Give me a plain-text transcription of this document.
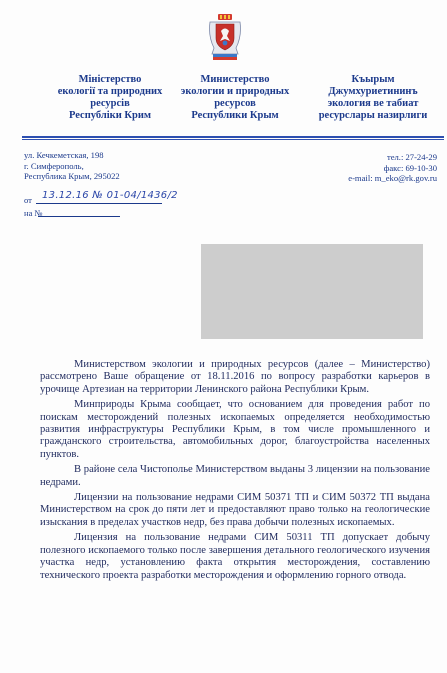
Міністерство
екології та природних
ресурсів
Республіки Крим
Министерство
экологии и природных
ресурсов
Республики Крым
Къырым
Джумхуриетининъ
экология ве табиат
ресурслары назирлиги
ул. Кечкеметская, 198
г. Симферополь,
Республика Крым, 295022
тел.: 27-24-29
факс: 69-10-30
e-mail: m_eko@rk.gov.ru
от 13.12.16 № 01-04/1436/2
на №

Министерством экологии и природных ресурсов (далее – Министерство) рассмотрено Ваше обращение от 18.11.2016 по вопросу разработки карьеров в урочище Артезиан на территории Ленинского района Республики Крым.

Минприроды Крыма сообщает, что основанием для проведения работ по поискам месторождений полезных ископаемых определяется необходимостью развития инфраструктуры Республики Крым, в том числе промышленного и гражданского строительства, автомобильных дорог, благоустройства населенных пунктов.

В районе села Чистополье Министерством выданы 3 лицензии на пользование недрами.

Лицензии на пользование недрами СИМ 50371 ТП и СИМ 50372 ТП выдана Министерством на срок до пяти лет и предоставляют право только на геологические изыскания в пределах участков недр, без права добычи полезных ископаемых.

Лицензия на пользование недрами СИМ 50311 ТП допускает добычу полезного ископаемого только после завершения детального геологического изучения участка недр, установлению факта открытия месторождения, составлению технического проекта разработки месторождения и оформлению горного отвода.
